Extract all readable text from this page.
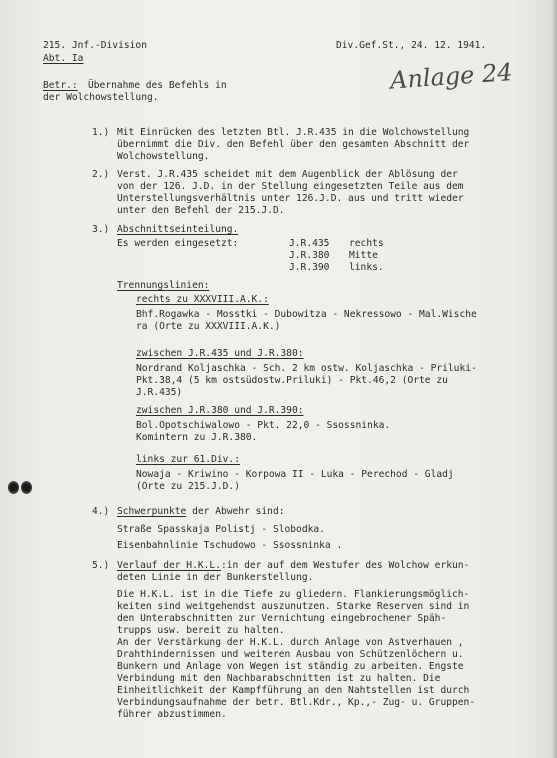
215. Jnf.-Division

Abt. Ia

Div.Gef.St., 24. 12. 1941.

Anlage 24

Betr.: Übernahme des Befehls in

der Wolchowstellung.

1.) Mit Einrücken des letzten Btl. J.R.435 in die Wolchowstellung

übernimmt die Div. den Befehl über den gesamten Abschnitt der

Wolchowstellung.

2.) Verst. J.R.435 scheidet mit dem Augenblick der Ablösung der

von der 126. J.D. in der Stellung eingesetzten Teile aus dem

Unterstellungsverhältnis unter 126.J.D. aus und tritt wieder

unter den Befehl der 215.J.D.

3.) Abschnittseinteilung.

Es werden eingesetzt:	J.R.435 rechts

J.R.380 Mitte

J.R.390 links.

Trennungslinien:

rechts zu XXXVIII.A.K.:

Bhf.Rogawka - Mosstki - Dubowitza - Nekressowo - Mal.Wische

ra (Orte zu XXXVIII.A.K.)

zwischen J.R.435 und J.R.380:

Nordrand Koljaschka - Sch. 2 km ostw. Koljaschka - Priluki-

Pkt.38,4 (5 km ostsüdostw.Priluki) - Pkt.46,2 (Orte zu

J.R.435)

zwischen J.R.380 und J.R.390:

Bol.Opotschiwalowo - Pkt. 22,0 - Ssossninka.

Komintern zu J.R.380.

links zur 61.Div.:

Nowaja - Kriwino - Korpowa II - Luka - Perechod - Gladj

(Orte zu 215.J.D.)

4.) Schwerpunkte der Abwehr sind:

Straße Spasskaja Polistj - Slobodka.

Eisenbahnlinie Tschudowo - Ssossninka .

5.) Verlauf der H.K.L.:in der auf dem Westufer des Wolchow erkun-

deten Linie in der Bunkerstellung.

Die H.K.L. ist in die Tiefe zu gliedern. Flankierungsmöglich-

keiten sind weitgehendst auszunutzen. Starke Reserven sind in

den Unterabschnitten zur Vernichtung eingebrochener Späh-

trupps usw. bereit zu halten.

An der Verstärkung der H.K.L. durch Anlage von Astverhauen ,

Drahthindernissen und weiteren Ausbau von Schützenlöchern u.

Bunkern und Anlage von Wegen ist ständig zu arbeiten. Engste

Verbindung mit den Nachbarabschnitten ist zu halten. Die

Einheitlichkeit der Kampfführung an den Nahtstellen ist durch

Verbindungsaufnahme der betr. Btl.Kdr., Kp.,- Zug- u. Gruppen-

führer abzustimmen.
